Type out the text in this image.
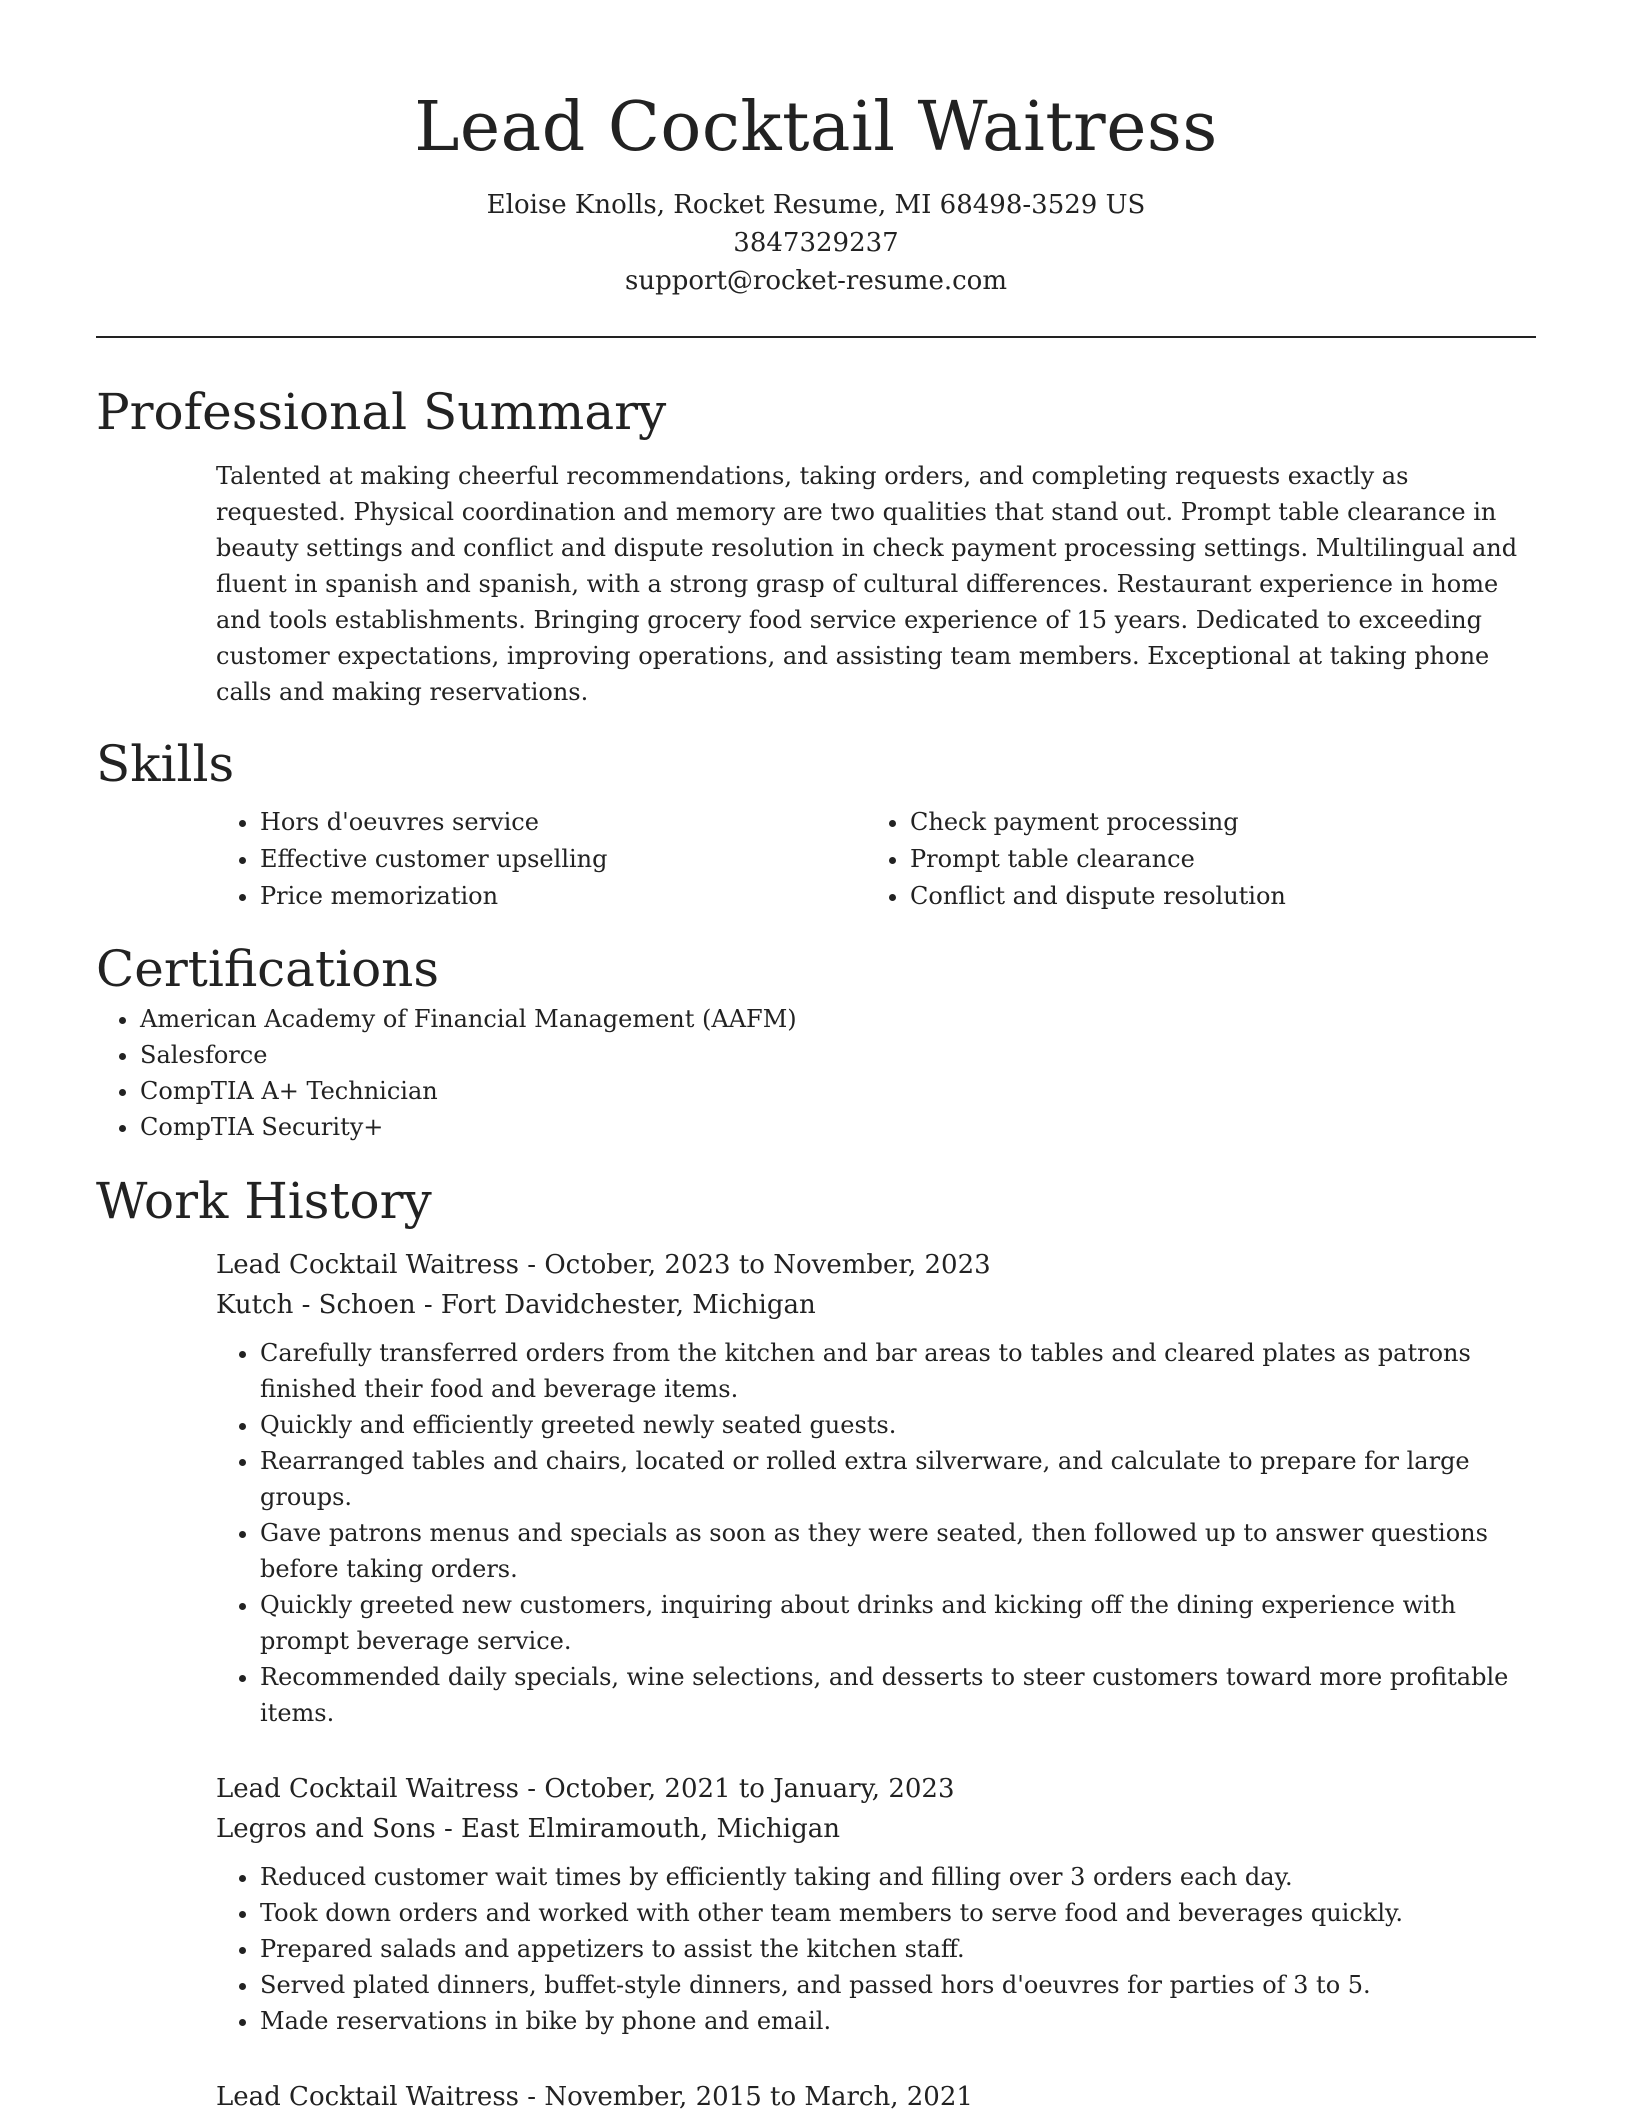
Lead Cocktail Waitress

Eloise Knolls, Rocket Resume, MI 68498-3529 US

3847329237

support@rocket-resume.com

Professional Summary

Talented at making cheerful recommendations, taking orders, and completing requests exactly as requested. Physical coordination and memory are two qualities that stand out. Prompt table clearance in beauty settings and conflict and dispute resolution in check payment processing settings. Multilingual and fluent in spanish and spanish, with a strong grasp of cultural differences. Restaurant experience in home and tools establishments. Bringing grocery food service experience of 15 years. Dedicated to exceeding customer expectations, improving operations, and assisting team members. Exceptional at taking phone calls and making reservations.

Skills
• Hors d'oeuvres service
• Effective customer upselling
• Price memorization
• Check payment processing
• Prompt table clearance
• Conflict and dispute resolution
Certifications
• American Academy of Financial Management (AAFM)
• Salesforce
• CompTIA A+ Technician
• CompTIA Security+
Work History

Lead Cocktail Waitress - October, 2023 to November, 2023

Kutch - Schoen - Fort Davidchester, Michigan

• Carefully transferred orders from the kitchen and bar areas to tables and cleared plates as patrons finished their food and beverage items.
• Quickly and efficiently greeted newly seated guests.
• Rearranged tables and chairs, located or rolled extra silverware, and calculate to prepare for large groups.
• Gave patrons menus and specials as soon as they were seated, then followed up to answer questions before taking orders.
• Quickly greeted new customers, inquiring about drinks and kicking off the dining experience with prompt beverage service.
• Recommended daily specials, wine selections, and desserts to steer customers toward more profitable items.

Lead Cocktail Waitress - October, 2021 to January, 2023

Legros and Sons - East Elmiramouth, Michigan

• Reduced customer wait times by efficiently taking and filling over 3 orders each day.
• Took down orders and worked with other team members to serve food and beverages quickly.
• Prepared salads and appetizers to assist the kitchen staff.
• Served plated dinners, buffet-style dinners, and passed hors d'oeuvres for parties of 3 to 5.
• Made reservations in bike by phone and email.

Lead Cocktail Waitress - November, 2015 to March, 2021
